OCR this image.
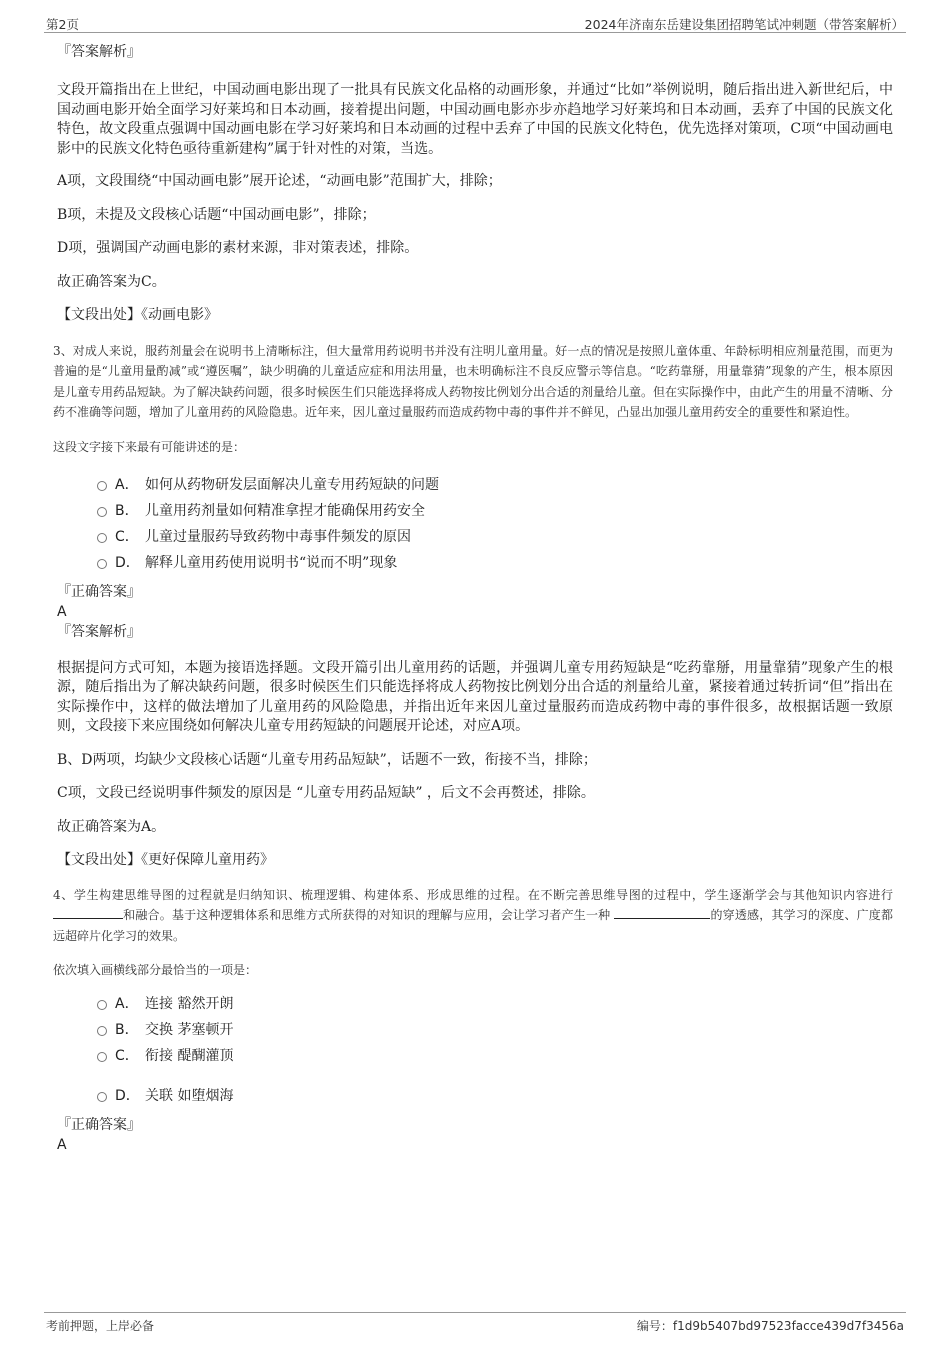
第2页	2024年济南东岳建设集团招聘笔试冲刺题（带答案解析）

『答案解析』

文段开篇指出在上世纪，中国动画电影出现了一批具有民族文化品格的动画形象，并通过“比如”举例说明，随后指出进入新世纪后，中国动画电影开始全面学习好莱坞和日本动画，接着提出问题，中国动画电影亦步亦趋地学习好莱坞和日本动画，丢弃了中国的民族文化特色，故文段重点强调中国动画电影在学习好莱坞和日本动画的过程中丢弃了中国的民族文化特色，优先选择对策项，C项“中国动画电影中的民族文化特色亟待重新建构”属于针对性的对策，当选。

A项，文段围绕“中国动画电影”展开论述，“动画电影”范围扩大，排除；

B项，未提及文段核心话题“中国动画电影”，排除；

D项，强调国产动画电影的素材来源，非对策表述，排除。

故正确答案为C。

【文段出处】《动画电影》

3、对成人来说，服药剂量会在说明书上清晰标注，但大量常用药说明书并没有注明儿童用量。好一点的情况是按照儿童体重、年龄标明相应剂量范围，而更为普遍的是“儿童用量酌减”或“遵医嘱”，缺少明确的儿童适应症和用法用量，也未明确标注不良反应警示等信息。“吃药靠掰，用量靠猜”现象的产生，根本原因是儿童专用药品短缺。为了解决缺药问题，很多时候医生们只能选择将成人药物按比例划分出合适的剂量给儿童。但在实际操作中，由此产生的用量不清晰、分药不准确等问题，增加了儿童用药的风险隐患。近年来，因儿童过量服药而造成药物中毒的事件并不鲜见，凸显出加强儿童用药安全的重要性和紧迫性。

这段文字接下来最有可能讲述的是：

A． 如何从药物研发层面解决儿童专用药短缺的问题
B． 儿童用药剂量如何精准拿捏才能确保用药安全
C． 儿童过量服药导致药物中毒事件频发的原因
D． 解释儿童用药使用说明书“说而不明”现象

『正确答案』

A

『答案解析』

根据提问方式可知，本题为接语选择题。文段开篇引出儿童用药的话题，并强调儿童专用药短缺是“吃药靠掰，用量靠猜”现象产生的根源，随后指出为了解决缺药问题，很多时候医生们只能选择将成人药物按比例划分出合适的剂量给儿童，紧接着通过转折词“但”指出在实际操作中，这样的做法增加了儿童用药的风险隐患，并指出近年来因儿童过量服药而造成药物中毒的事件很多，故根据话题一致原则，文段接下来应围绕如何解决儿童专用药短缺的问题展开论述，对应A项。

B、D两项，均缺少文段核心话题“儿童专用药品短缺”，话题不一致，衔接不当，排除；

C项，文段已经说明事件频发的原因是 “儿童专用药品短缺” ，后文不会再赘述，排除。

故正确答案为A。

【文段出处】《更好保障儿童用药》

4、学生构建思维导图的过程就是归纳知识、梳理逻辑、构建体系、形成思维的过程。在不断完善思维导图的过程中，学生逐渐学会与其他知识内容进行 和融合。基于这种逻辑体系和思维方式所获得的对知识的理解与应用，会让学习者产生一种	的穿透感，其学习的深度、广度都远超碎片化学习的效果。

依次填入画横线部分最恰当的一项是：

A． 连接 豁然开朗
B． 交换 茅塞顿开
C． 衔接 醍醐灌顶
D． 关联 如堕烟海

『正确答案』

A

考前押题，上岸必备	编号：f1d9b5407bd97523facce439d7f3456a
